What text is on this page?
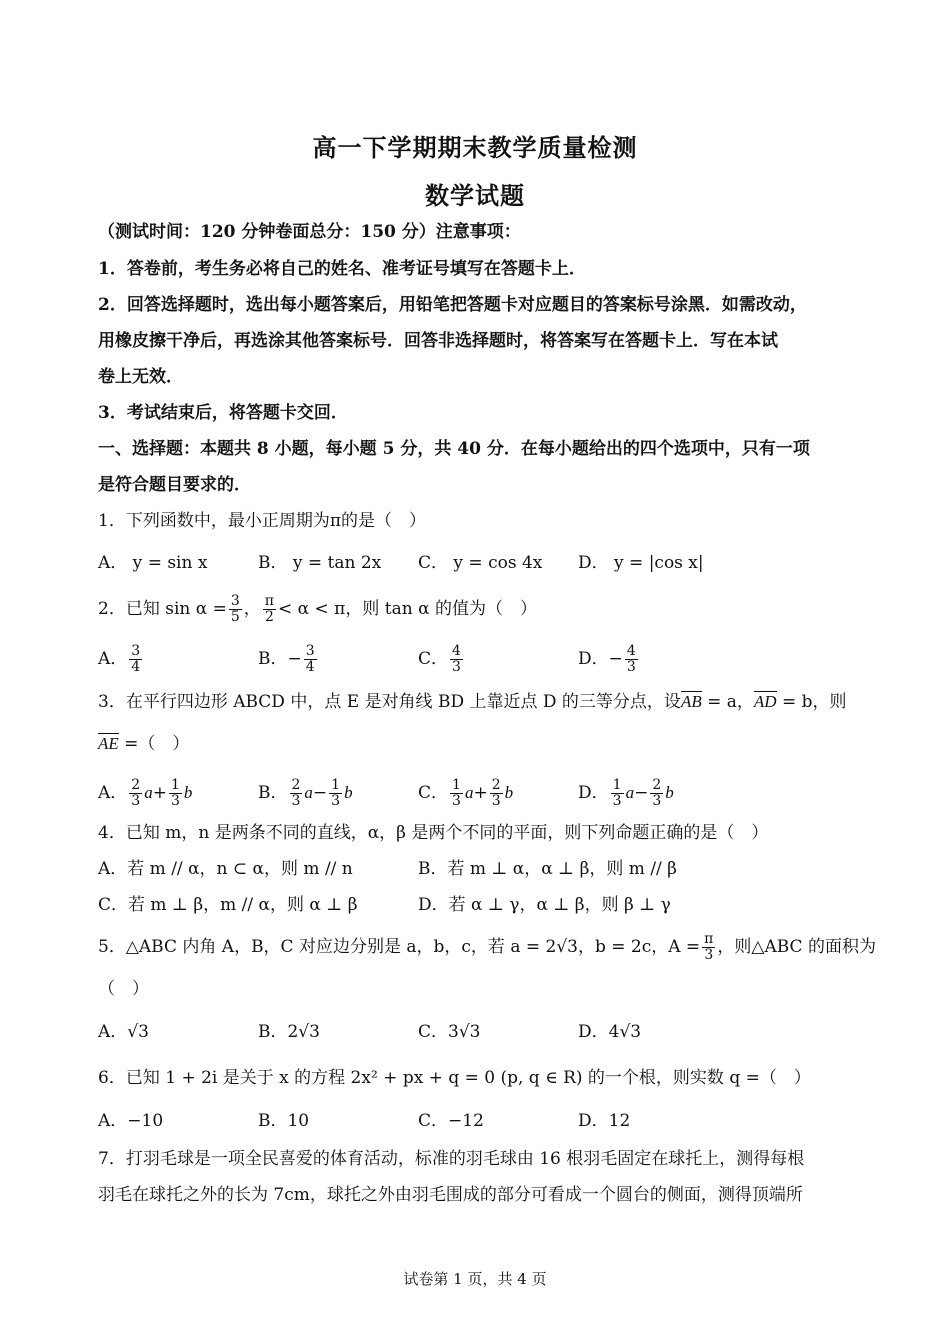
高一下学期期末教学质量检测
数学试题
（测试时间：120 分钟卷面总分：150 分）注意事项：
1．答卷前，考生务必将自己的姓名、准考证号填写在答题卡上．
2．回答选择题时，选出每小题答案后，用铅笔把答题卡对应题目的答案标号涂黑．如需改动，
用橡皮擦干净后，再选涂其他答案标号．回答非选择题时，将答案写在答题卡上．写在本试
卷上无效．
3．考试结束后，将答题卡交回．
一、选择题：本题共 8 小题，每小题 5 分，共 40 分．在每小题给出的四个选项中，只有一项
是符合题目要求的．
1．下列函数中，最小正周期为π的是（　）
A． y = sin x	B． y = tan 2x C． y = cos 4x D． y = |cos x|
2．已知 $\sin \alpha = \frac{3}{5}$ ， $\frac{\pi}{2} < \alpha < \pi$，则 tan α 的值为（　）
A． $\frac{3}{4}$	B．− $\frac{3}{4}$	C． $\frac{4}{3}$	D．− $\frac{4}{3}$
3．在平行四边形 ABCD 中，点 E 是对角线 BD 上靠近点 D 的三等分点，设AB = a，AD = b，则
AE =（　）
A． $\frac{2}{3} a+ \frac{1}{3}$ b	B． $\frac{2}{3} a- \frac{1}{3}$ b	C． $\frac{1}{3} a+ \frac{2}{3}$ b	D． $\frac{1}{3} a- \frac{2}{3}$ b
4．已知 m，n 是两条不同的直线，α，β 是两个不同的平面，则下列命题正确的是（　）
A．若 m // α，n ⊂ α，则 m // n	B．若 m ⊥ α，α ⊥ β，则 m // β
C．若 m ⊥ β，m // α，则 α ⊥ β	D．若 α ⊥ γ，α ⊥ β，则 β ⊥ γ
5．△ABC 内角 A，B，C 对应边分别是 a，b，c，若 a = 2√3，b = 2c，$A = \frac{\pi}{3}$ ，则△ABC 的面积为
（　）
A．√3	B．2√3	C．3√3	D．4√3
6．已知 1 + 2i 是关于 x 的方程 2x² + px + q = 0 (p, q ∈ R) 的一个根，则实数 q =（　）
A．−10	B．10	C．−12	D．12
7．打羽毛球是一项全民喜爱的体育活动，标准的羽毛球由 16 根羽毛固定在球托上，测得每根
羽毛在球托之外的长为 7cm，球托之外由羽毛围成的部分可看成一个圆台的侧面，测得顶端所
试卷第 1 页，共 4 页
